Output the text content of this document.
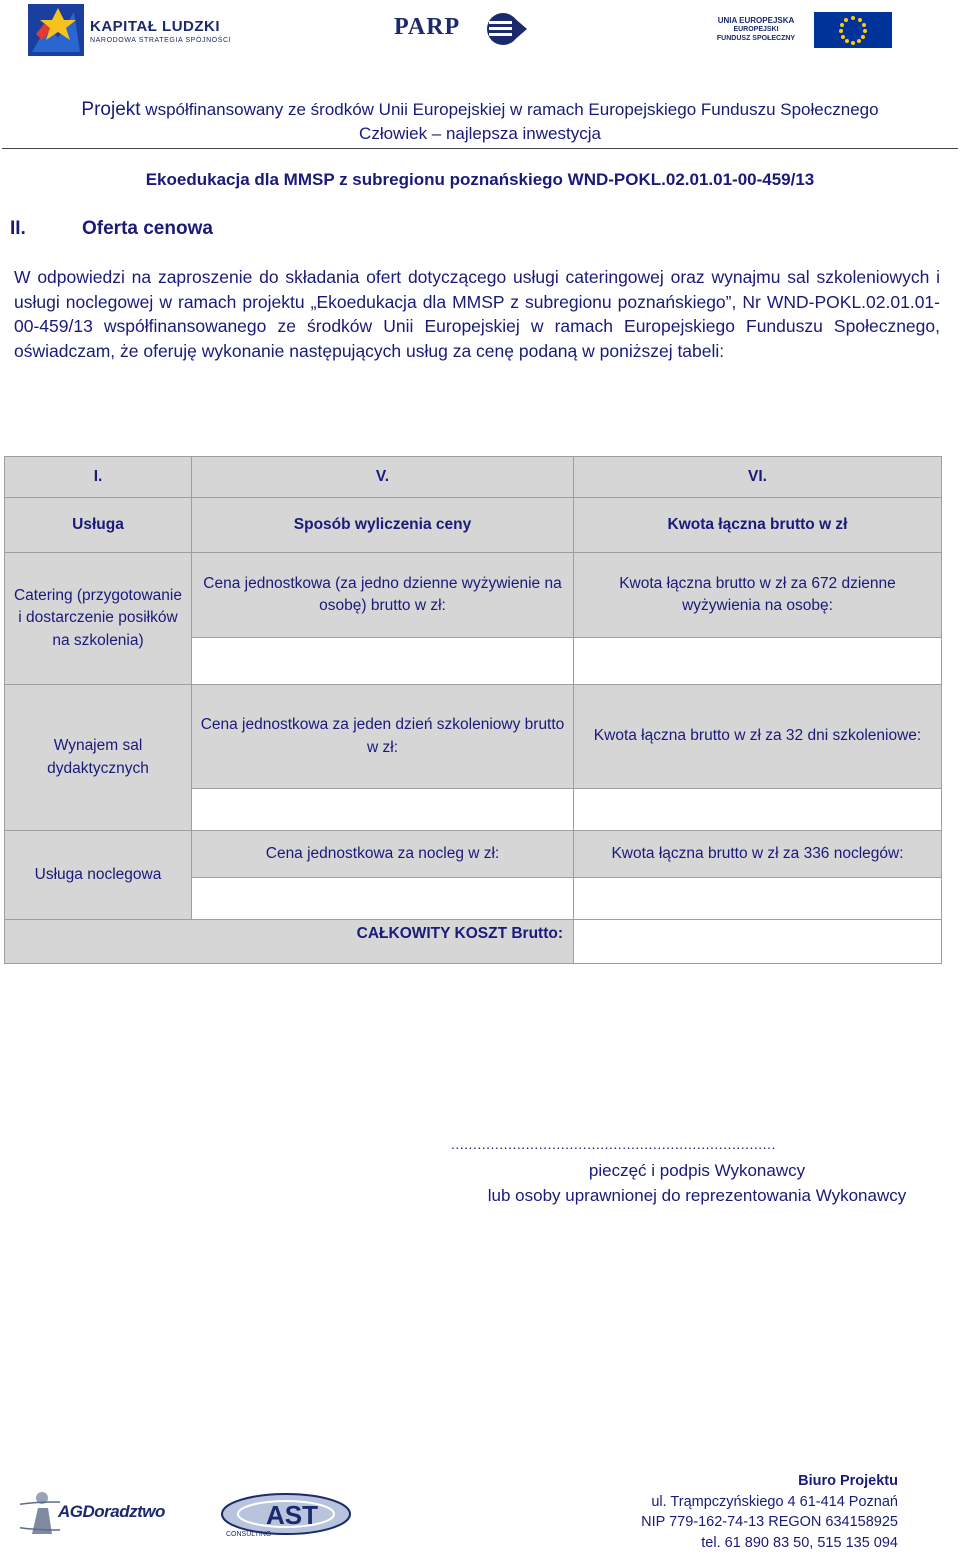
KAPITAŁ LUDZKI
NARODOWA STRATEGIA SPÓJNOŚCI
PARP	UNIA EUROPEJSKA
EUROPEJSKI
FUNDUSZ SPOŁECZNY
Projekt współfinansowany ze środków Unii Europejskiej w ramach Europejskiego Funduszu Społecznego
Człowiek – najlepsza inwestycja
Ekoedukacja dla MMSP z subregionu poznańskiego WND-POKL.02.01.01-00-459/13
II.	Oferta cenowa
W odpowiedzi na zaproszenie do składania ofert dotyczącego usługi cateringowej oraz wynajmu sal szkoleniowych i usługi noclegowej w ramach projektu „Ekoedukacja dla MMSP z subregionu poznańskiego”, Nr WND-POKL.02.01.01-00-459/13 współfinansowanego ze środków Unii Europejskiej w ramach Europejskiego Funduszu Społecznego, oświadczam, że oferuję wykonanie następujących usług za cenę podaną w poniższej tabeli:
I.	V.	VI.
Usługa	Sposób wyliczenia ceny	Kwota łączna brutto w zł
Catering (przygotowanie i dostarczenie posiłków na szkolenia)	Cena jednostkowa (za jedno dzienne wyżywienie na osobę) brutto w zł:	Kwota łączna brutto w zł za 672 dzienne wyżywienia na osobę:

Wynajem sal dydaktycznych	Cena jednostkowa za jeden dzień szkoleniowy brutto w zł:	Kwota łączna brutto w zł za 32 dni szkoleniowe:

Usługa noclegowa	Cena jednostkowa za nocleg w zł:	Kwota łączna brutto w zł za 336 noclegów:

CAŁKOWITY KOSZT Brutto:		
..........................................................................
pieczęć i podpis Wykonawcy
lub osoby uprawnionej do reprezentowania Wykonawcy
AGDoradztwo	AST
CONSULTING
Biuro Projektu
ul. Trąmpczyńskiego 4 61-414 Poznań
NIP 779-162-74-13 REGON 634158925
tel. 61 890 83 50, 515 135 094
